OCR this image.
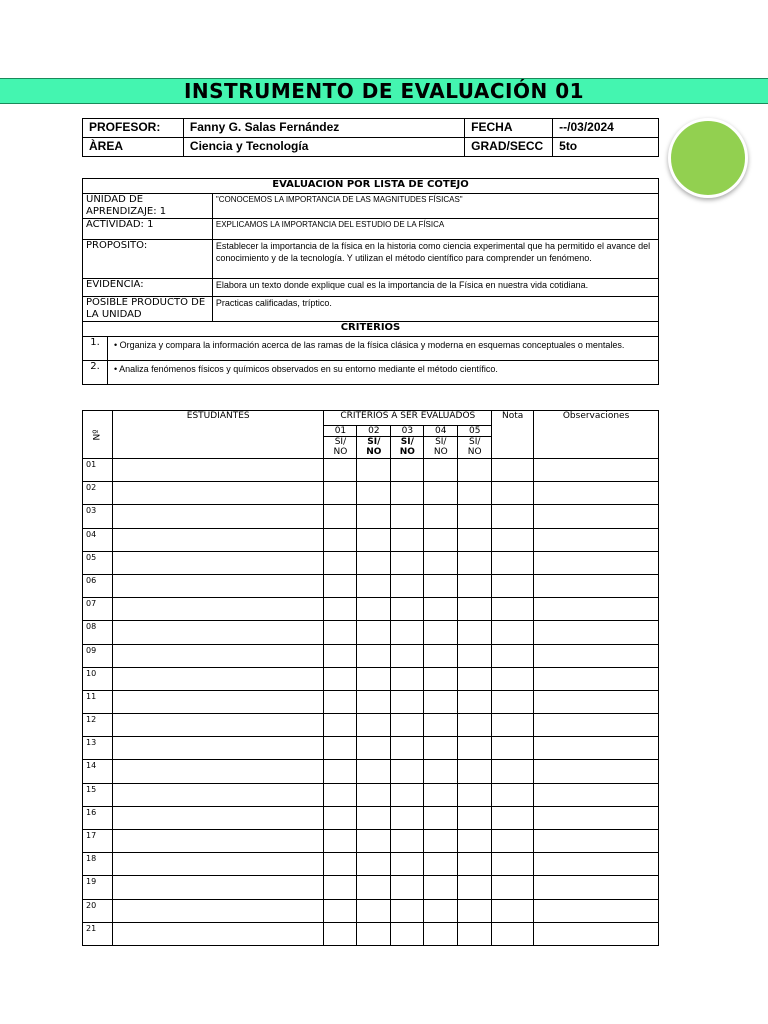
INSTRUMENTO DE EVALUACIÓN 01
PROFESOR:	Fanny G. Salas Fernández	FECHA	--/03/2024
ÀREA	Ciencia y Tecnología	GRAD/SECC	5to
EVALUACION POR LISTA DE COTEJO		
UNIDAD DE APRENDIZAJE: 1		"CONOCEMOS LA IMPORTANCIA DE LAS MAGNITUDES FÍSICAS"
ACTIVIDAD: 1		EXPLICAMOS LA IMPORTANCIA DEL ESTUDIO DE LA FÍSICA
PROPOSITO:		Establecer la importancia de la física en la historia como ciencia experimental que ha permitido el avance del conocimiento y de la tecnología. Y utilizan el método científico para comprender un fenómeno.
EVIDENCIA:		Elabora un texto donde explique cual es la importancia de la Física en nuestra vida cotidiana.
POSIBLE PRODUCTO DE LA UNIDAD		Practicas calificadas, tríptico.
CRITERIOS		
1.	• Organiza y compara la información acerca de las ramas de la física clásica y moderna en esquemas conceptuales o mentales.	
2.	• Analiza fenómenos físicos y químicos observados en su entorno mediante el método científico.	
Nº	ESTUDIANTES	CRITERIOS A SER EVALUADOS					Nota	Observaciones
		01	02	03	04	05		
		SI/ NO	SI/ NO	SI/ NO	SI/ NO	SI/ NO		
01								
02								
03								
04								
05								
06								
07								
08								
09								
10								
11								
12								
13								
14								
15								
16								
17								
18								
19								
20								
21								
